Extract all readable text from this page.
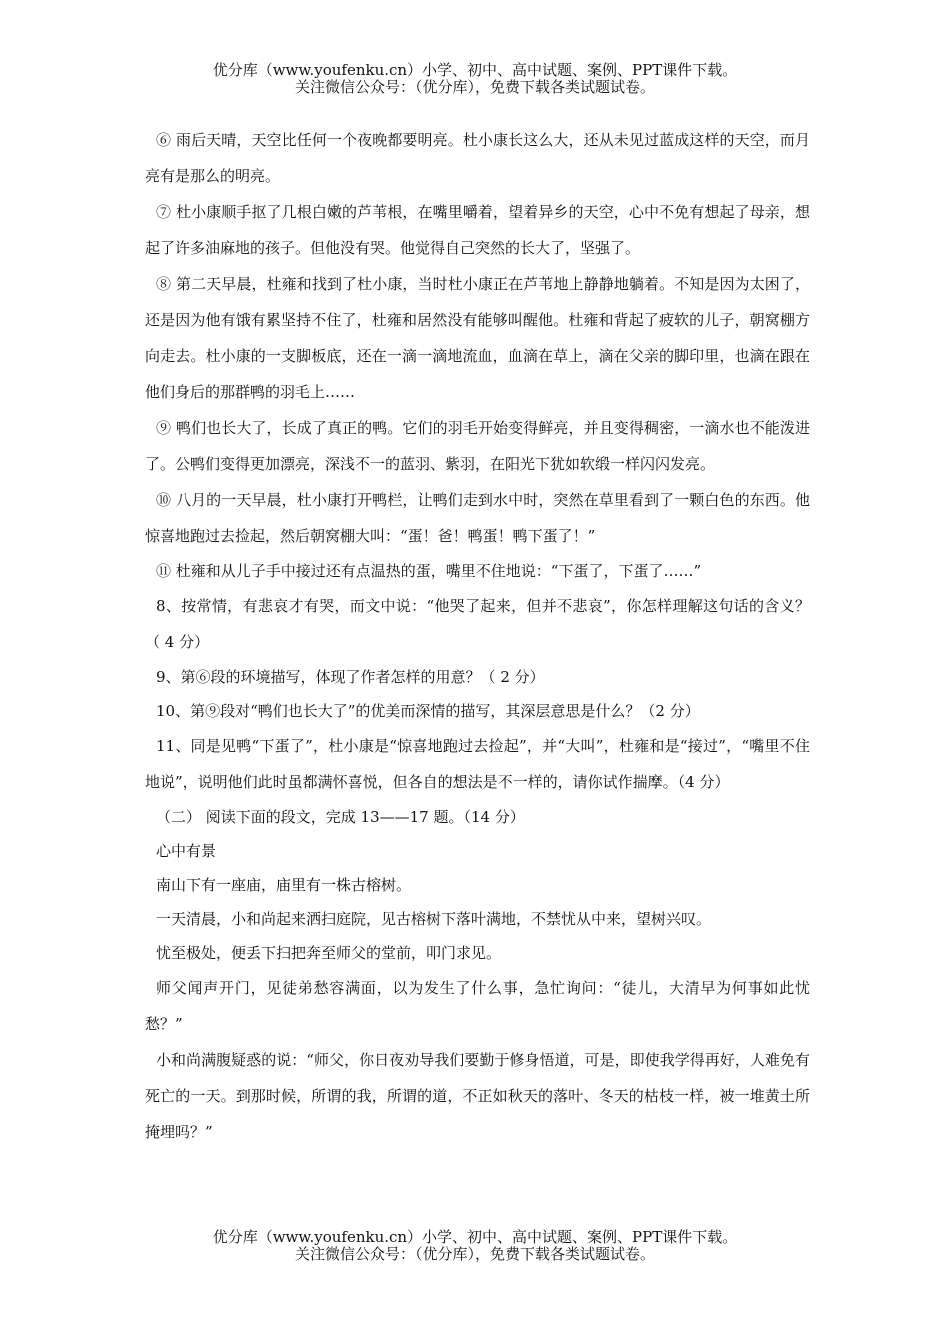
优分库（www.youfenku.cn）小学、初中、高中试题、案例、PPT课件下载。
关注微信公众号：（优分库），免费下载各类试题试卷。

⑥ 雨后天晴，天空比任何一个夜晚都要明亮。杜小康长这么大，还从未见过蓝成这样的天空，而月亮有是那么的明亮。

⑦ 杜小康顺手抠了几根白嫩的芦苇根，在嘴里嚼着，望着异乡的天空，心中不免有想起了母亲，想起了许多油麻地的孩子。但他没有哭。他觉得自己突然的长大了，坚强了。

⑧ 第二天早晨，杜雍和找到了杜小康，当时杜小康正在芦苇地上静静地躺着。不知是因为太困了，还是因为他有饿有累坚持不住了，杜雍和居然没有能够叫醒他。杜雍和背起了疲软的儿子，朝窝棚方向走去。杜小康的一支脚板底，还在一滴一滴地流血，血滴在草上，滴在父亲的脚印里，也滴在跟在他们身后的那群鸭的羽毛上……

⑨ 鸭们也长大了，长成了真正的鸭。它们的羽毛开始变得鲜亮，并且变得稠密，一滴水也不能泼进了。公鸭们变得更加漂亮，深浅不一的蓝羽、紫羽，在阳光下犹如软缎一样闪闪发亮。

⑩ 八月的一天早晨，杜小康打开鸭栏，让鸭们走到水中时，突然在草里看到了一颗白色的东西。他惊喜地跑过去捡起，然后朝窝棚大叫：“蛋！爸！鸭蛋！鸭下蛋了！”

⑪ 杜雍和从儿子手中接过还有点温热的蛋，嘴里不住地说：“下蛋了，下蛋了……”

8、按常情，有悲哀才有哭，而文中说：“他哭了起来，但并不悲哀”，你怎样理解这句话的含义？（ 4 分）

9、第⑥段的环境描写，体现了作者怎样的用意？（ 2 分）

10、第⑨段对“鸭们也长大了”的优美而深情的描写，其深层意思是什么？（2 分）

11、同是见鸭“下蛋了”，杜小康是“惊喜地跑过去捡起”，并“大叫”，杜雍和是“接过”，“嘴里不住地说”，说明他们此时虽都满怀喜悦，但各自的想法是不一样的，请你试作揣摩。（4 分）

（二） 阅读下面的段文，完成 13——17 题。（14 分）

心中有景

南山下有一座庙，庙里有一株古榕树。

一天清晨，小和尚起来洒扫庭院，见古榕树下落叶满地，不禁忧从中来，望树兴叹。

忧至极处，便丢下扫把奔至师父的堂前，叩门求见。

师父闻声开门，见徒弟愁容满面，以为发生了什么事，急忙询问：“徒儿，大清早为何事如此忧愁？”

小和尚满腹疑惑的说：“师父，你日夜劝导我们要勤于修身悟道，可是，即使我学得再好，人难免有死亡的一天。到那时候，所谓的我，所谓的道，不正如秋天的落叶、冬天的枯枝一样，被一堆黄土所掩埋吗？”

优分库（www.youfenku.cn）小学、初中、高中试题、案例、PPT课件下载。
关注微信公众号：（优分库），免费下载各类试题试卷。
